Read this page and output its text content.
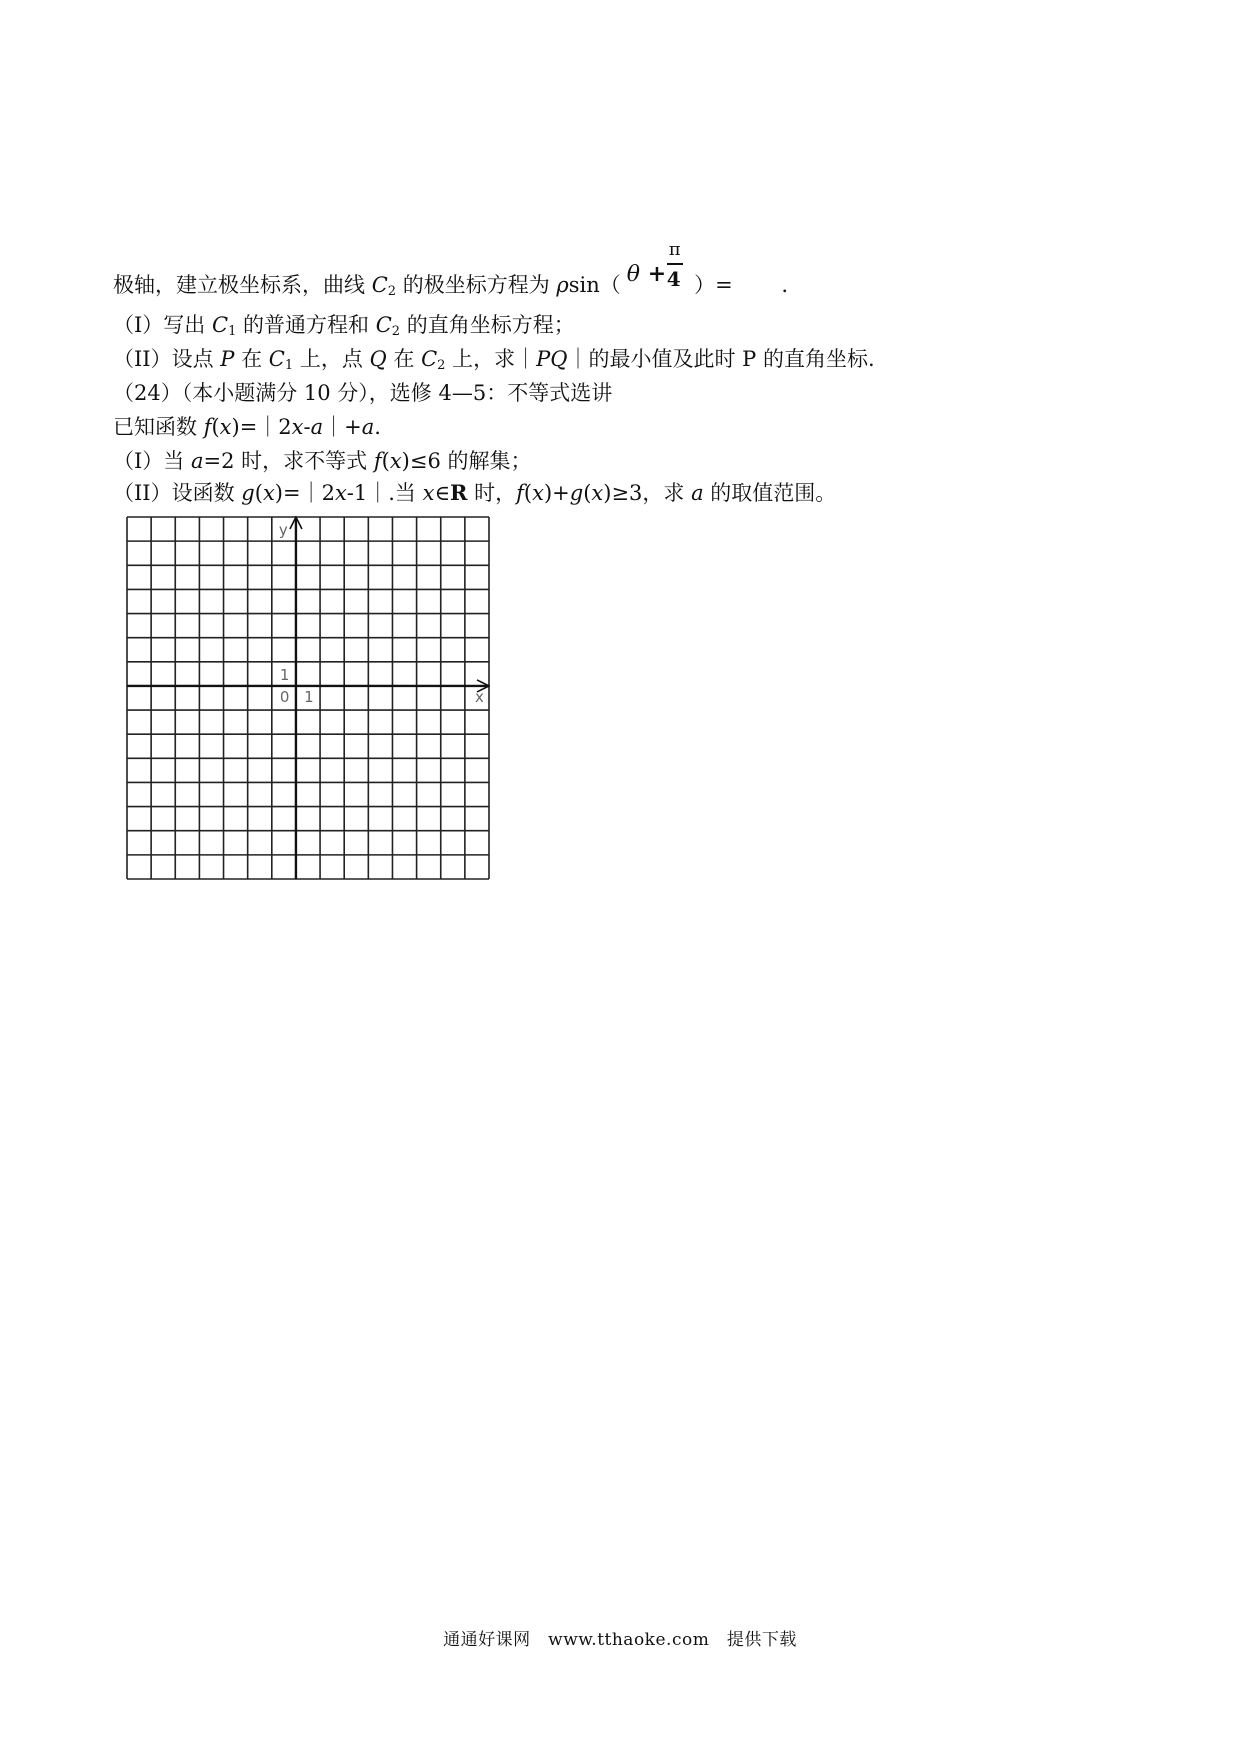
极轴，建立极坐标系，曲线 $C_2$ 的极坐标方程为 ρsin（ θ +
π
4 ）=　 　.
（I）写出 $C_1$ 的普通方程和 $C_2$ 的直角坐标方程；
（II）设点 P 在 $C_1$ 上，点 Q 在 $C_2$ 上，求｜PQ｜的最小值及此时 P 的直角坐标.
（24）（本小题满分 10 分），选修 4—5：不等式选讲
已知函数 f(x)=｜2x-a｜+a.
（I）当 a=2 时，求不等式 f(x)≤6 的解集；
（II）设函数 g(x)=｜2x-1｜.当 x∈R 时，f(x)+g(x)≥3，求 a 的取值范围。
y
x
0 1
1
通通好课网　www.tthaoke.com　提供下载
